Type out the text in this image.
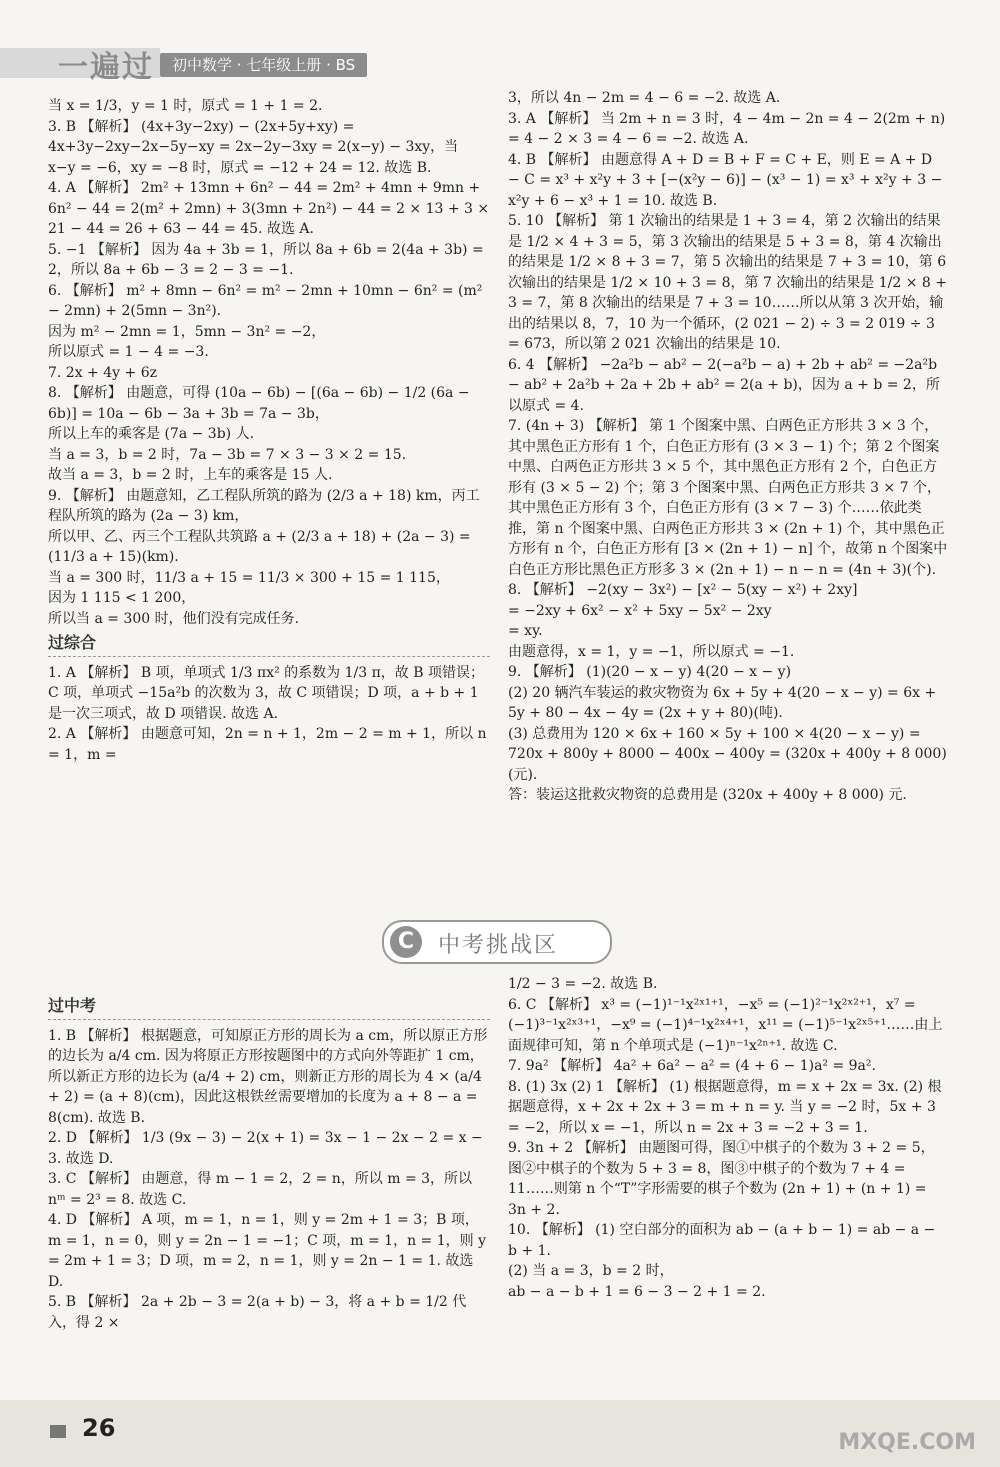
一遍过	初中数学 · 七年级上册 · BS

当 x = 1/3，y = 1 时，原式 = 1 + 1 = 2.

3. B 【解析】 (4x+3y−2xy) − (2x+5y+xy) = 4x+3y−2xy−2x−5y−xy = 2x−2y−3xy = 2(x−y) − 3xy，当 x−y = −6，xy = −8 时，原式 = −12 + 24 = 12. 故选 B.

4. A 【解析】 2m² + 13mn + 6n² − 44 = 2m² + 4mn + 9mn + 6n² − 44 = 2(m² + 2mn) + 3(3mn + 2n²) − 44 = 2 × 13 + 3 × 21 − 44 = 26 + 63 − 44 = 45. 故选 A.

5. −1 【解析】 因为 4a + 3b = 1，所以 8a + 6b = 2(4a + 3b) = 2，所以 8a + 6b − 3 = 2 − 3 = −1.

6. 【解析】 m² + 8mn − 6n² = m² − 2mn + 10mn − 6n² = (m² − 2mn) + 2(5mn − 3n²).

因为 m² − 2mn = 1，5mn − 3n² = −2，

所以原式 = 1 − 4 = −3.

7. 2x + 4y + 6z

8. 【解析】 由题意，可得 (10a − 6b) − [(6a − 6b) − 1/2 (6a − 6b)] = 10a − 6b − 3a + 3b = 7a − 3b，

所以上车的乘客是 (7a − 3b) 人.

当 a = 3，b = 2 时，7a − 3b = 7 × 3 − 3 × 2 = 15.

故当 a = 3，b = 2 时，上车的乘客是 15 人.

9. 【解析】 由题意知，乙工程队所筑的路为 (2/3 a + 18) km，丙工程队所筑的路为 (2a − 3) km，

所以甲、乙、丙三个工程队共筑路 a + (2/3 a + 18) + (2a − 3) = (11/3 a + 15)(km).

当 a = 300 时，11/3 a + 15 = 11/3 × 300 + 15 = 1 115，

因为 1 115 < 1 200，

所以当 a = 300 时，他们没有完成任务.

过综合

1. A 【解析】 B 项，单项式 1/3 πx² 的系数为 1/3 π，故 B 项错误；C 项，单项式 −15a²b 的次数为 3，故 C 项错误；D 项，a + b + 1 是一次三项式，故 D 项错误. 故选 A.

2. A 【解析】 由题意可知，2n = n + 1，2m − 2 = m + 1，所以 n = 1，m =

3，所以 4n − 2m = 4 − 6 = −2. 故选 A.

3. A 【解析】 当 2m + n = 3 时，4 − 4m − 2n = 4 − 2(2m + n) = 4 − 2 × 3 = 4 − 6 = −2. 故选 A.

4. B 【解析】 由题意得 A + D = B + F = C + E，则 E = A + D − C = x³ + x²y + 3 + [−(x²y − 6)] − (x³ − 1) = x³ + x²y + 3 − x²y + 6 − x³ + 1 = 10. 故选 B.

5. 10 【解析】 第 1 次输出的结果是 1 + 3 = 4，第 2 次输出的结果是 1/2 × 4 + 3 = 5，第 3 次输出的结果是 5 + 3 = 8，第 4 次输出的结果是 1/2 × 8 + 3 = 7，第 5 次输出的结果是 7 + 3 = 10，第 6 次输出的结果是 1/2 × 10 + 3 = 8，第 7 次输出的结果是 1/2 × 8 + 3 = 7，第 8 次输出的结果是 7 + 3 = 10……所以从第 3 次开始，输出的结果以 8，7，10 为一个循环，(2 021 − 2) ÷ 3 = 2 019 ÷ 3 = 673，所以第 2 021 次输出的结果是 10.

6. 4 【解析】 −2a²b − ab² − 2(−a²b − a) + 2b + ab² = −2a²b − ab² + 2a²b + 2a + 2b + ab² = 2(a + b)，因为 a + b = 2，所以原式 = 4.

7. (4n + 3) 【解析】 第 1 个图案中黑、白两色正方形共 3 × 3 个，其中黑色正方形有 1 个，白色正方形有 (3 × 3 − 1) 个；第 2 个图案中黑、白两色正方形共 3 × 5 个，其中黑色正方形有 2 个，白色正方形有 (3 × 5 − 2) 个；第 3 个图案中黑、白两色正方形共 3 × 7 个，其中黑色正方形有 3 个，白色正方形有 (3 × 7 − 3) 个……依此类推，第 n 个图案中黑、白两色正方形共 3 × (2n + 1) 个，其中黑色正方形有 n 个，白色正方形有 [3 × (2n + 1) − n] 个，故第 n 个图案中白色正方形比黑色正方形多 3 × (2n + 1) − n − n = (4n + 3)(个).

8. 【解析】 −2(xy − 3x²) − [x² − 5(xy − x²) + 2xy]

= −2xy + 6x² − x² + 5xy − 5x² − 2xy

= xy.

由题意得，x = 1，y = −1，所以原式 = −1.

9. 【解析】 (1)(20 − x − y) 4(20 − x − y)

(2) 20 辆汽车装运的救灾物资为 6x + 5y + 4(20 − x − y) = 6x + 5y + 80 − 4x − 4y = (2x + y + 80)(吨).

(3) 总费用为 120 × 6x + 160 × 5y + 100 × 4(20 − x − y) = 720x + 800y + 8000 − 400x − 400y = (320x + 400y + 8 000)(元).

答：装运这批救灾物资的总费用是 (320x + 400y + 8 000) 元.

C	中考挑战区
过中考

1. B 【解析】 根据题意，可知原正方形的周长为 a cm，所以原正方形的边长为 a/4 cm. 因为将原正方形按题图中的方式向外等距扩 1 cm，所以新正方形的边长为 (a/4 + 2) cm，则新正方形的周长为 4 × (a/4 + 2) = (a + 8)(cm)，因此这根铁丝需要增加的长度为 a + 8 − a = 8(cm). 故选 B.

2. D 【解析】 1/3 (9x − 3) − 2(x + 1) = 3x − 1 − 2x − 2 = x − 3. 故选 D.

3. C 【解析】 由题意，得 m − 1 = 2，2 = n，所以 m = 3，所以 nᵐ = 2³ = 8. 故选 C.

4. D 【解析】 A 项，m = 1，n = 1，则 y = 2m + 1 = 3；B 项，m = 1，n = 0，则 y = 2n − 1 = −1；C 项，m = 1，n = 1，则 y = 2m + 1 = 3；D 项，m = 2，n = 1，则 y = 2n − 1 = 1. 故选 D.

5. B 【解析】 2a + 2b − 3 = 2(a + b) − 3，将 a + b = 1/2 代入，得 2 ×

1/2 − 3 = −2. 故选 B.

6. C 【解析】 x³ = (−1)¹⁻¹x²ˣ¹⁺¹，−x⁵ = (−1)²⁻¹x²ˣ²⁺¹，x⁷ = (−1)³⁻¹x²ˣ³⁺¹，−x⁹ = (−1)⁴⁻¹x²ˣ⁴⁺¹，x¹¹ = (−1)⁵⁻¹x²ˣ⁵⁺¹……由上面规律可知，第 n 个单项式是 (−1)ⁿ⁻¹x²ⁿ⁺¹. 故选 C.

7. 9a² 【解析】 4a² + 6a² − a² = (4 + 6 − 1)a² = 9a².

8. (1) 3x (2) 1 【解析】 (1) 根据题意得，m = x + 2x = 3x. (2) 根据题意得，x + 2x + 2x + 3 = m + n = y. 当 y = −2 时，5x + 3 = −2，所以 x = −1，所以 n = 2x + 3 = −2 + 3 = 1.

9. 3n + 2 【解析】 由题图可得，图①中棋子的个数为 3 + 2 = 5，图②中棋子的个数为 5 + 3 = 8，图③中棋子的个数为 7 + 4 = 11……则第 n 个“T”字形需要的棋子个数为 (2n + 1) + (n + 1) = 3n + 2.

10. 【解析】 (1) 空白部分的面积为 ab − (a + b − 1) = ab − a − b + 1.

(2) 当 a = 3，b = 2 时，

ab − a − b + 1 = 6 − 3 − 2 + 1 = 2.

26
MXQE.COM
